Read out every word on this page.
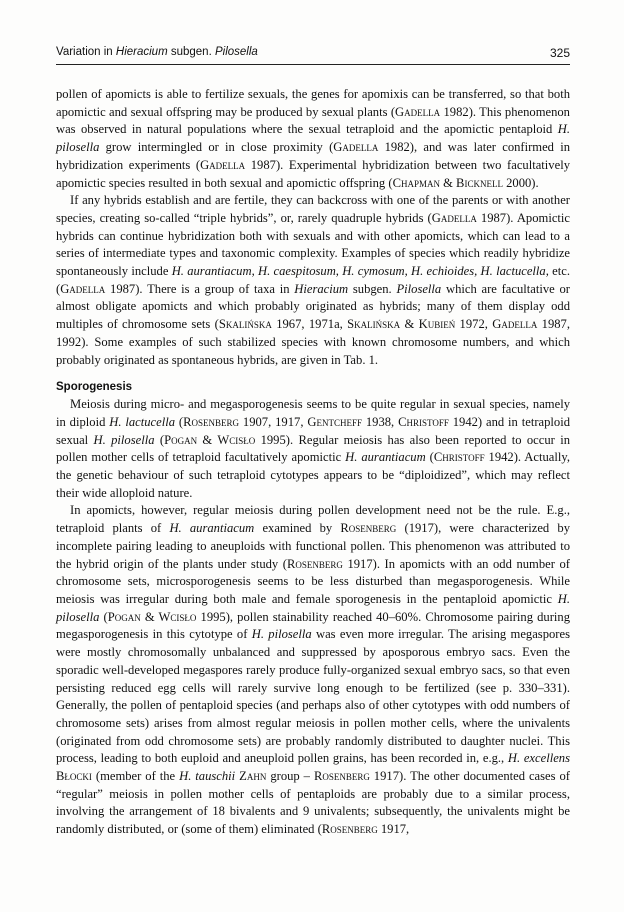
Variation in Hieracium subgen. Pilosella	325

pollen of apomicts is able to fertilize sexuals, the genes for apomixis can be transferred, so that both apomictic and sexual offspring may be produced by sexual plants (Gadella 1982). This phenomenon was observed in natural populations where the sexual tetraploid and the apomictic pentaploid H. pilosella grow intermingled or in close proximity (Gadella 1982), and was later confirmed in hybridization experiments (Gadella 1987). Experimental hybridization between two facultatively apomictic species resulted in both sexual and apomictic offspring (Chapman & Bicknell 2000).

If any hybrids establish and are fertile, they can backcross with one of the parents or with another species, creating so-called “triple hybrids”, or, rarely quadruple hybrids (Gadella 1987). Apomictic hybrids can continue hybridization both with sexuals and with other apomicts, which can lead to a series of intermediate types and taxonomic complexity. Examples of species which readily hybridize spontaneously include H. aurantiacum, H. caespitosum, H. cymosum, H. echioides, H. lactucella, etc. (Gadella 1987). There is a group of taxa in Hieracium subgen. Pilosella which are facultative or almost obligate apomicts and which probably originated as hybrids; many of them display odd multiples of chromosome sets (Skalińska 1967, 1971a, Skalińska & Kubień 1972, Gadella 1987, 1992). Some examples of such stabilized species with known chromosome numbers, and which probably originated as spontaneous hybrids, are given in Tab. 1.

Sporogenesis

Meiosis during micro- and megasporogenesis seems to be quite regular in sexual species, namely in diploid H. lactucella (Rosenberg 1907, 1917, Gentcheff 1938, Christoff 1942) and in tetraploid sexual H. pilosella (Pogan & Wcisło 1995). Regular meiosis has also been reported to occur in pollen mother cells of tetraploid facultatively apomictic H. aurantiacum (Christoff 1942). Actually, the genetic behaviour of such tetraploid cytotypes appears to be “diploidized”, which may reflect their wide alloploid nature.

In apomicts, however, regular meiosis during pollen development need not be the rule. E.g., tetraploid plants of H. aurantiacum examined by Rosenberg (1917), were characterized by incomplete pairing leading to aneuploids with functional pollen. This phenomenon was attributed to the hybrid origin of the plants under study (Rosenberg 1917). In apomicts with an odd number of chromosome sets, microsporogenesis seems to be less disturbed than megasporogenesis. While meiosis was irregular during both male and female sporogenesis in the pentaploid apomictic H. pilosella (Pogan & Wcisło 1995), pollen stainability reached 40–60%. Chromosome pairing during megasporogenesis in this cytotype of H. pilosella was even more irregular. The arising megaspores were mostly chromosomally unbalanced and suppressed by aposporous embryo sacs. Even the sporadic well-developed megaspores rarely produce fully-organized sexual embryo sacs, so that even persisting reduced egg cells will rarely survive long enough to be fertilized (see p. 330–331). Generally, the pollen of pentaploid species (and perhaps also of other cytotypes with odd numbers of chromosome sets) arises from almost regular meiosis in pollen mother cells, where the univalents (originated from odd chromosome sets) are probably randomly distributed to daughter nuclei. This process, leading to both euploid and aneuploid pollen grains, has been recorded in, e.g., H. excellens Błocki (member of the H. tauschii Zahn group – Rosenberg 1917). The other documented cases of “regular” meiosis in pollen mother cells of pentaploids are probably due to a similar process, involving the arrangement of 18 bivalents and 9 univalents; subsequently, the univalents might be randomly distributed, or (some of them) eliminated (Rosenberg 1917,
